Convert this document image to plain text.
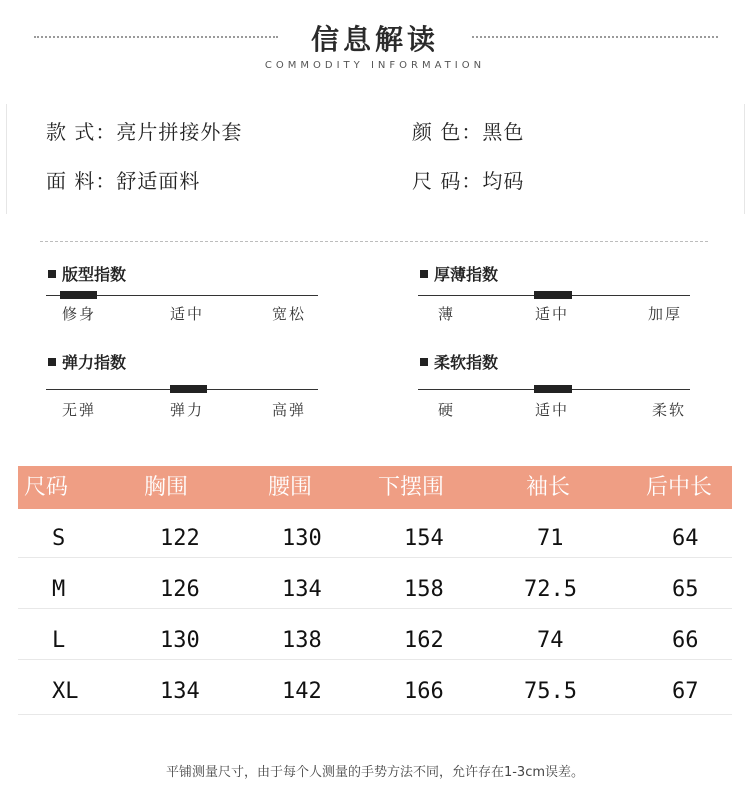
信息解读
COMMODITY INFORMATION
款 式：亮片拼接外套	颜 色：黑色
面 料：舒适面料	尺 码：均码
版型指数
修身	适中	宽松
厚薄指数
薄	适中	加厚
弹力指数
无弹	弹力	高弹
柔软指数
硬	适中	柔软
尺码	胸围	腰围	下摆围	袖长	后中长
S	122	130	154	71	64
M	126	134	158	72.5	65
L	130	138	162	74	66
XL	134	142	166	75.5	67
平铺测量尺寸，由于每个人测量的手势方法不同，允许存在1-3cm误差。
